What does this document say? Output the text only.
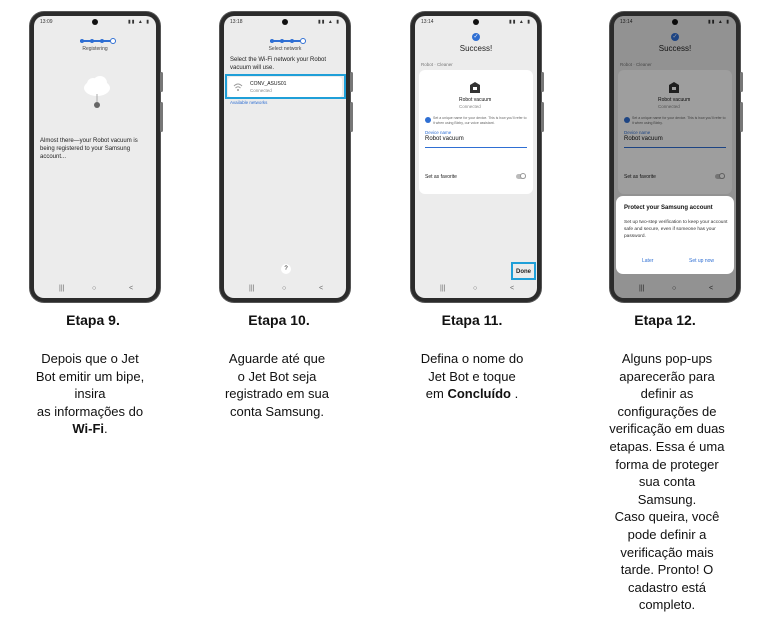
13:09	▮▮ ▲ ▮
Registering
Almost there—your Robot vacuum is being registered to your Samsung account...
|||	○	<
Etapa 9.
Depois que o Jet
Bot emitir um bipe,
insira
as informações do
Wi-Fi.
13:18	▮▮ ▲ ▮
Select network
Select the Wi-Fi network your Robot vacuum will use.
CONV_ASUS01
Connected
Available networks
?
|||	○	<
Etapa 10.
Aguarde até que
o Jet Bot seja
registrado em sua
conta Samsung.
13:14	▮▮ ▲ ▮
✓
Success!
Robot · Cleaner
Robot vacuum
Connected
Set a unique name for your device. This is how you'll refer to it when using Bixby, our voice assistant.
Device name
Robot vacuum
Set as favorite
Done
|||	○	<
Etapa 11.
Defina o nome do
Jet Bot e toque
em Concluído .
13:14	▮▮ ▲ ▮
✓
Success!
Robot · Cleaner
Robot vacuum
Connected
Set a unique name for your device. This is how you'll refer to it when using Bixby.
Device name
Robot vacuum
Set as favorite
Protect your Samsung account
Set up two-step verification to keep your account safe and secure, even if someone has your password.
Later	Set up now
|||	○	<
Etapa 12.
Alguns pop-ups
aparecerão para
definir as
configurações de
verificação em duas
etapas. Essa é uma
forma de proteger
sua conta
Samsung.
Caso queira, você
pode definir a
verificação mais
tarde. Pronto! O
cadastro está
completo.
